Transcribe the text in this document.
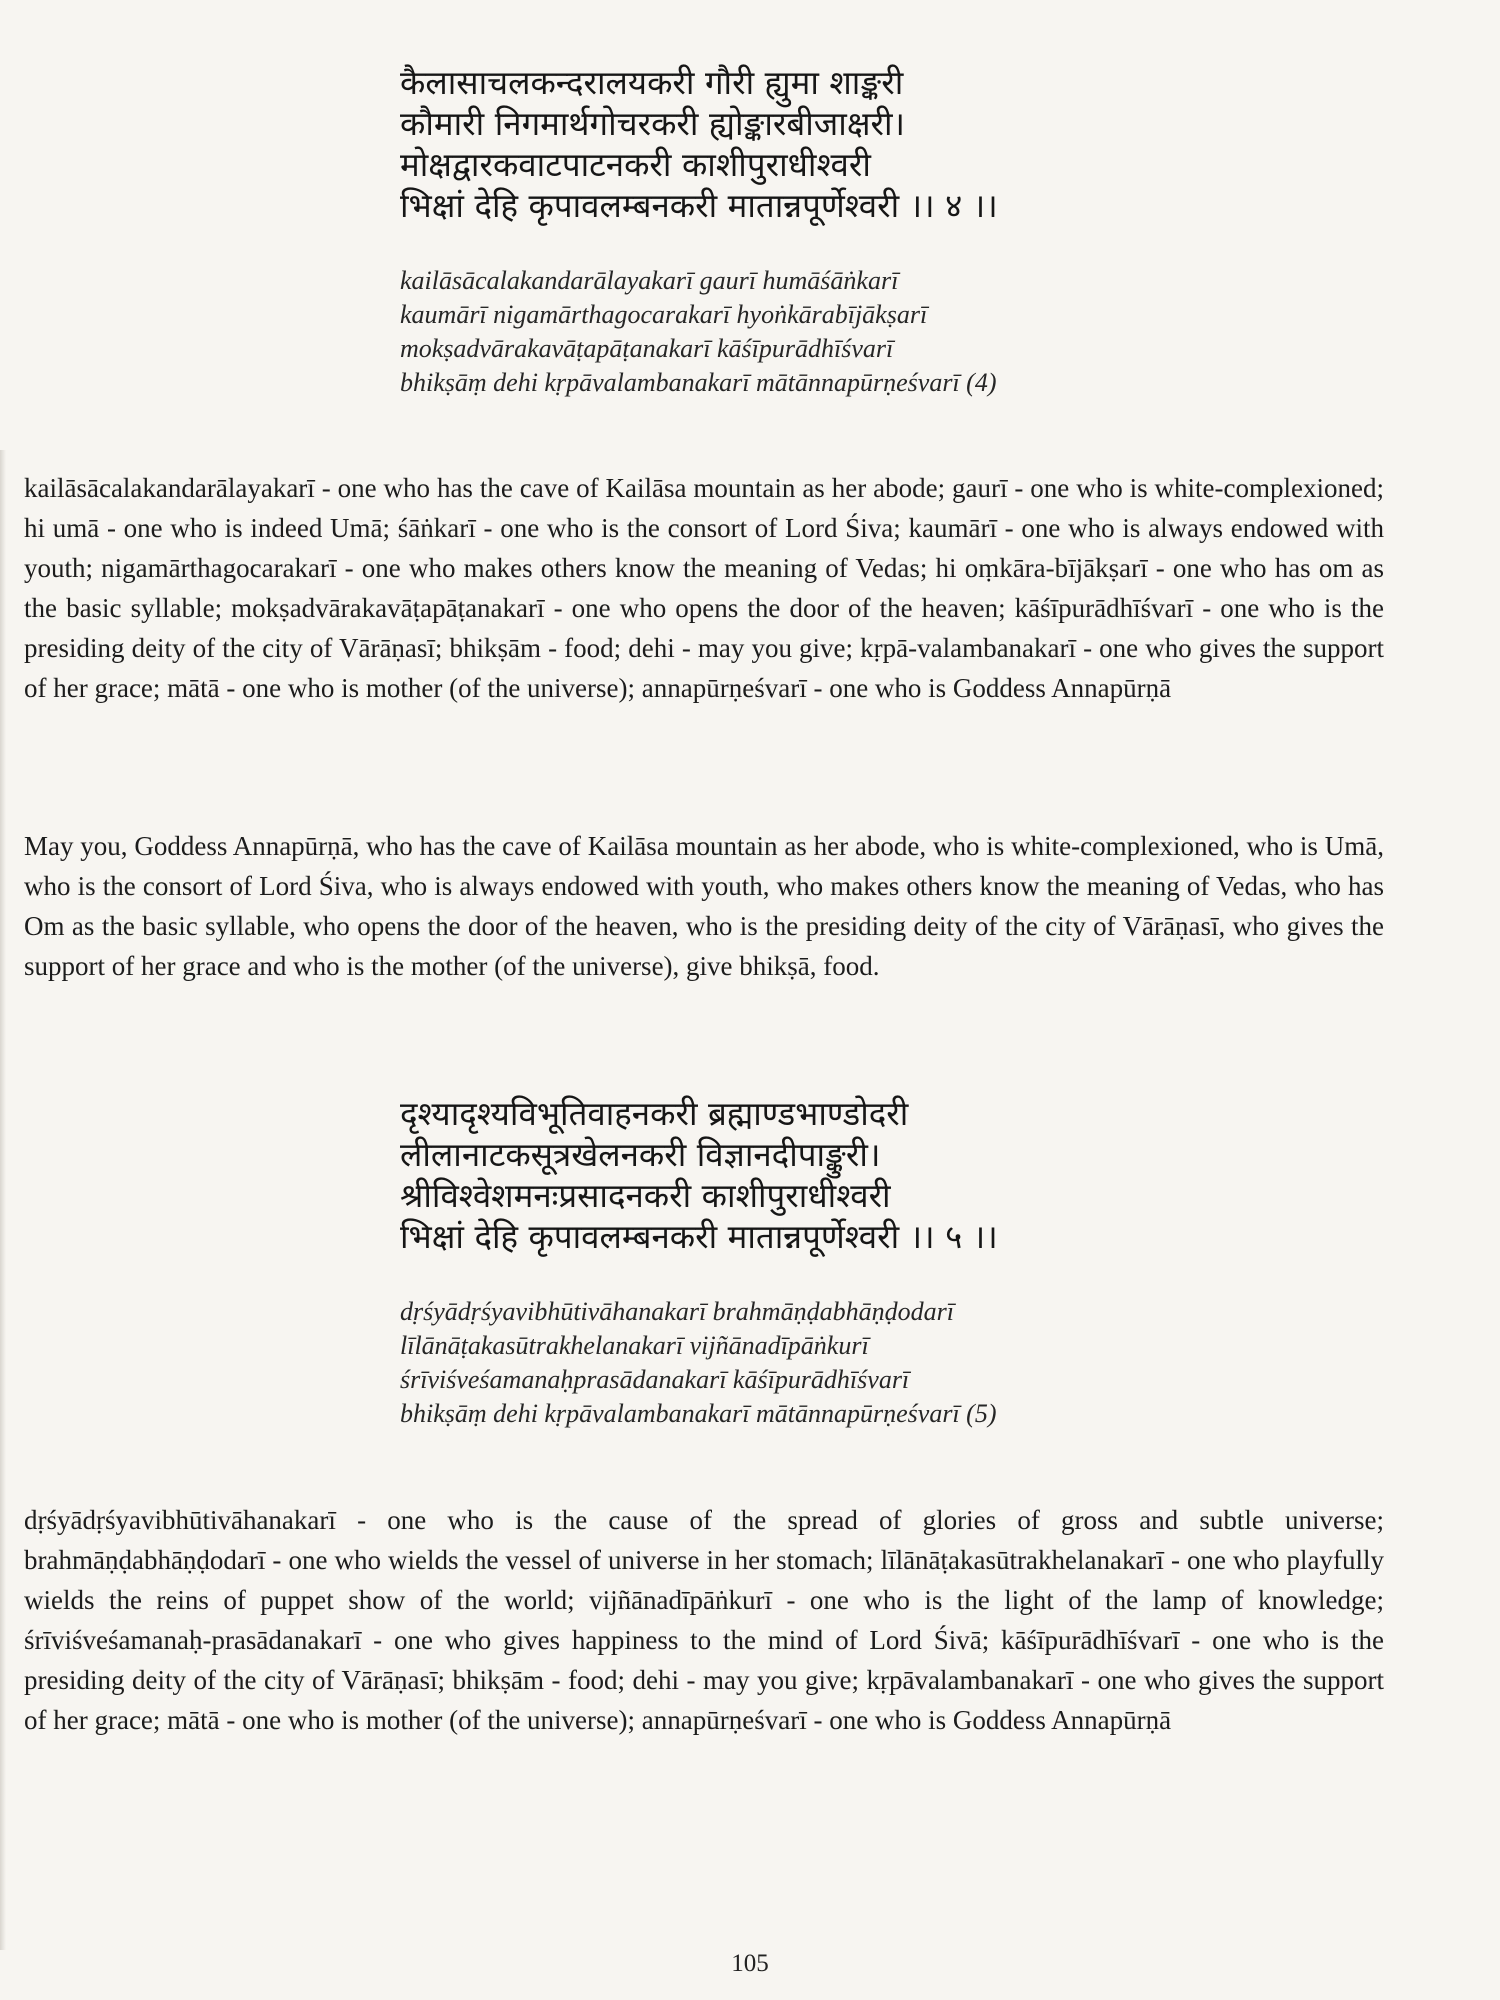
कैलासाचलकन्दरालयकरी गौरी ह्युमा शाङ्करी
कौमारी निगमार्थगोचरकरी ह्योङ्कारबीजाक्षरी।
मोक्षद्वारकवाटपाटनकरी काशीपुराधीश्वरी
भिक्षां देहि कृपावलम्बनकरी मातान्नपूर्णेश्वरी ।। ४ ।।
kailāsācalakandarālayakarī gaurī humāśāṅkarī
kaumārī nigamārthagocarakarī hyoṅkārabījākṣarī
mokṣadvārakavāṭapāṭanakarī kāśīpurādhīśvarī
bhikṣāṃ dehi kṛpāvalambanakarī mātānnapūrṇeśvarī (4)
kailāsācalakandarālayakarī - one who has the cave of Kailāsa mountain as her abode; gaurī - one who is white-complexioned; hi umā - one who is indeed Umā; śāṅkarī - one who is the consort of Lord Śiva; kaumārī - one who is always endowed with youth; nigamārthagocarakarī - one who makes others know the meaning of Vedas; hi oṃkāra-bījākṣarī - one who has om as the basic syllable; mokṣadvārakavāṭapāṭanakarī - one who opens the door of the heaven; kāśīpurādhīśvarī - one who is the presiding deity of the city of Vārāṇasī; bhikṣām - food; dehi - may you give; kṛpā-valambanakarī - one who gives the support of her grace; mātā - one who is mother (of the universe); annapūrṇeśvarī - one who is Goddess Annapūrṇā
May you, Goddess Annapūrṇā, who has the cave of Kailāsa mountain as her abode, who is white-complexioned, who is Umā, who is the consort of Lord Śiva, who is always endowed with youth, who makes others know the meaning of Vedas, who has Om as the basic syllable, who opens the door of the heaven, who is the presiding deity of the city of Vārāṇasī, who gives the support of her grace and who is the mother (of the universe), give bhikṣā, food.
दृश्यादृश्यविभूतिवाहनकरी ब्रह्माण्डभाण्डोदरी
लीलानाटकसूत्रखेलनकरी विज्ञानदीपाङ्कुरी।
श्रीविश्वेशमनःप्रसादनकरी काशीपुराधीश्वरी
भिक्षां देहि कृपावलम्बनकरी मातान्नपूर्णेश्वरी ।। ५ ।।
dṛśyādṛśyavibhūtivāhanakarī brahmāṇḍabhāṇḍodarī
līlānāṭakasūtrakhelanakarī vijñānadīpāṅkurī
śrīviśveśamanaḥprasādanakarī kāśīpurādhīśvarī
bhikṣāṃ dehi kṛpāvalambanakarī mātānnapūrṇeśvarī (5)
dṛśyādṛśyavibhūtivāhanakarī - one who is the cause of the spread of glories of gross and subtle universe; brahmāṇḍabhāṇḍodarī - one who wields the vessel of universe in her stomach; līlānāṭakasūtrakhelanakarī - one who playfully wields the reins of puppet show of the world; vijñānadīpāṅkurī - one who is the light of the lamp of knowledge; śrīviśveśamanaḥ-prasādanakarī - one who gives happiness to the mind of Lord Śivā; kāśīpurādhīśvarī - one who is the presiding deity of the city of Vārāṇasī; bhikṣām - food; dehi - may you give; kṛpāvalambanakarī - one who gives the support of her grace; mātā - one who is mother (of the universe); annapūrṇeśvarī - one who is Goddess Annapūrṇā
105
